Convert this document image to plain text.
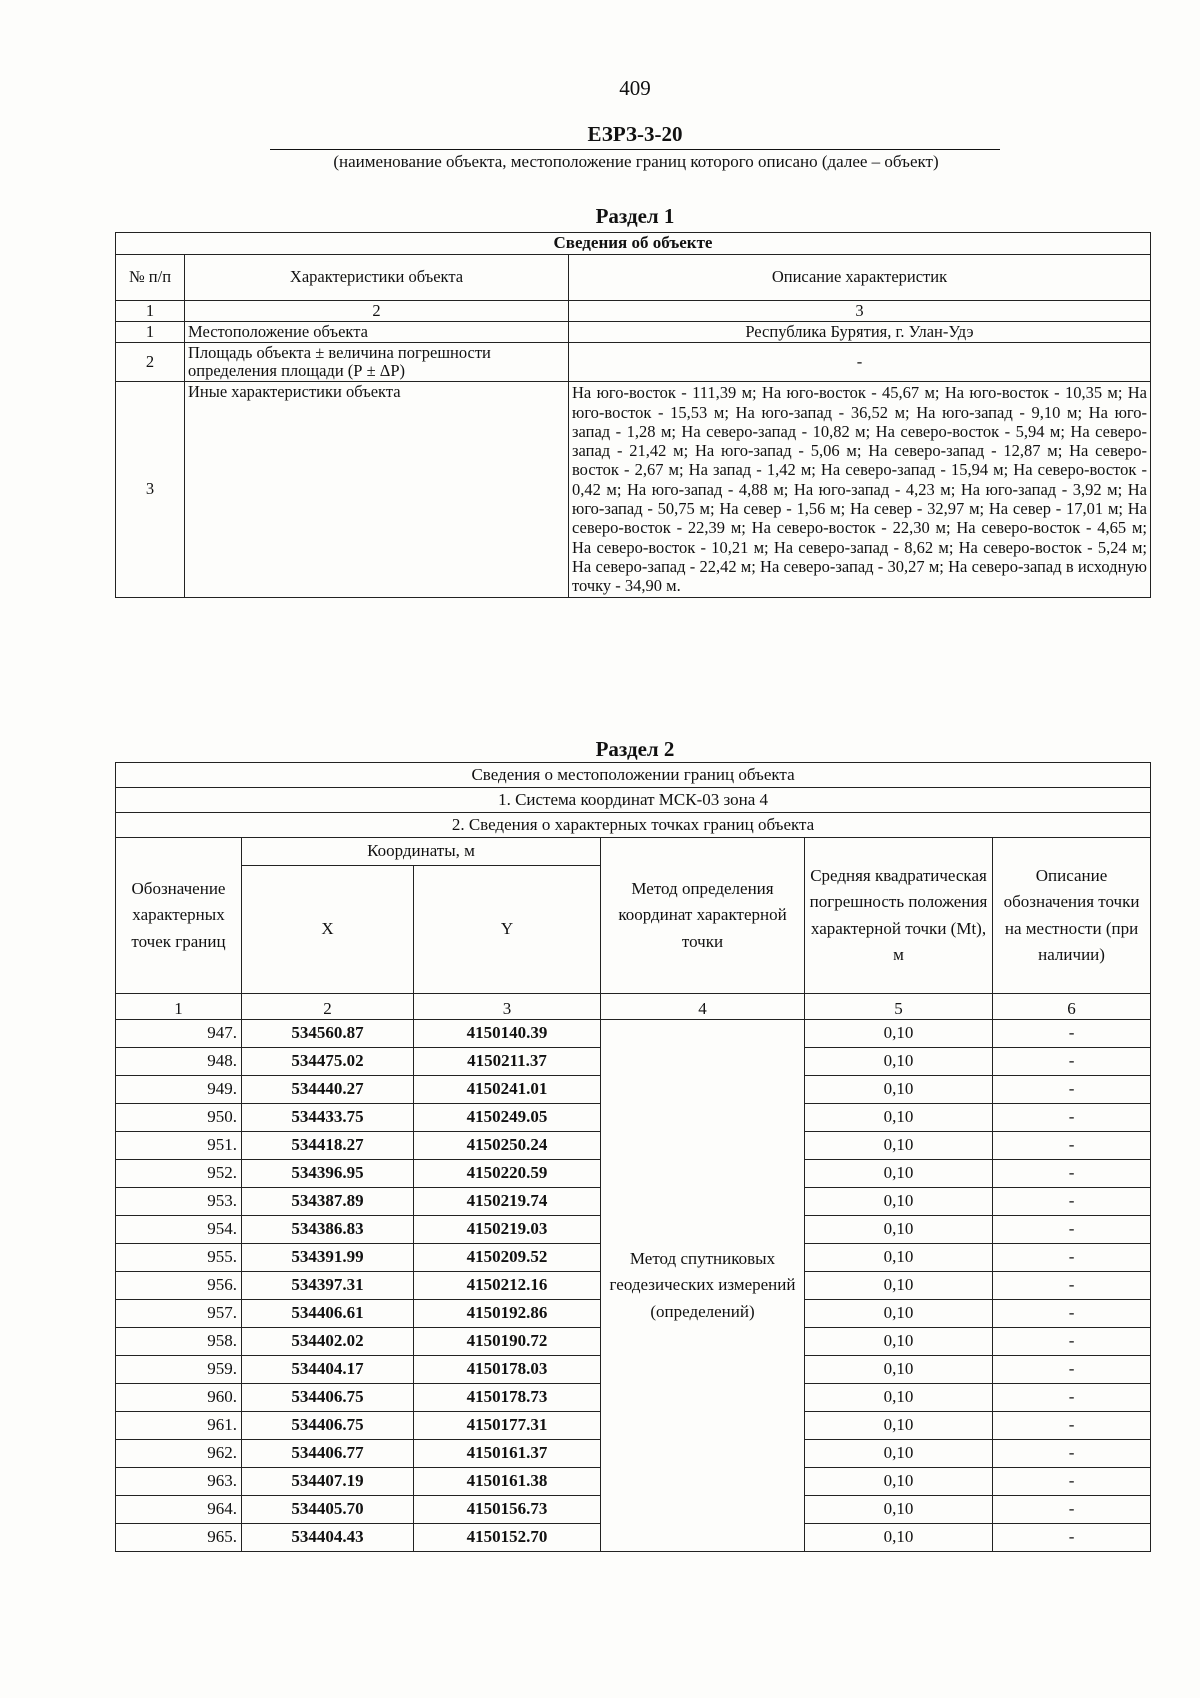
409
ЕЗРЗ-3-20
(наименование объекта, местоположение границ которого описано (далее – объект)
Раздел 1
Сведения об объекте		
№ п/п	Характеристики объекта	Описание характеристик
1	2	3
1	Местоположение объекта	Республика Бурятия, г. Улан-Удэ
2	Площадь объекта ± величина погрешности определения площади (Р ± ΔР)	-
3	Иные характеристики объекта	На юго-восток - 111,39 м; На юго-восток - 45,67 м; На юго-восток - 10,35 м; На юго-восток - 15,53 м; На юго-запад - 36,52 м; На юго-запад - 9,10 м; На юго-запад - 1,28 м; На северо-запад - 10,82 м; На северо-восток - 5,94 м; На северо-запад - 21,42 м; На юго-запад - 5,06 м; На северо-запад - 12,87 м; На северо-восток - 2,67 м; На запад - 1,42 м; На северо-запад - 15,94 м; На северо-восток - 0,42 м; На юго-запад - 4,88 м; На юго-запад - 4,23 м; На юго-запад - 3,92 м; На юго-запад - 50,75 м; На север - 1,56 м; На север - 32,97 м; На север - 17,01 м; На северо-восток - 22,39 м; На северо-восток - 22,30 м; На северо-восток - 4,65 м; На северо-восток - 10,21 м; На северо-запад - 8,62 м; На северо-восток - 5,24 м; На северо-запад - 22,42 м; На северо-запад - 30,27 м; На северо-запад в исходную точку - 34,90 м.
Раздел 2
Сведения о местоположении границ объекта					
1. Система координат МСК-03 зона 4					
2. Сведения о характерных точках границ объекта					
Обозначение характерных точек границ	Координаты, м		Метод определения координат характерной точки	Средняя квадратическая погрешность положения характерной точки (Мt), м	Описание обозначения точки на местности (при наличии)
	X	Y			
1	2	3	4	5	6
947.	534560.87	4150140.39	Метод спутниковых геодезических измерений (определений)	0,10	-
948.	534475.02	4150211.37		0,10	-
949.	534440.27	4150241.01		0,10	-
950.	534433.75	4150249.05		0,10	-
951.	534418.27	4150250.24		0,10	-
952.	534396.95	4150220.59		0,10	-
953.	534387.89	4150219.74		0,10	-
954.	534386.83	4150219.03		0,10	-
955.	534391.99	4150209.52		0,10	-
956.	534397.31	4150212.16		0,10	-
957.	534406.61	4150192.86		0,10	-
958.	534402.02	4150190.72		0,10	-
959.	534404.17	4150178.03		0,10	-
960.	534406.75	4150178.73		0,10	-
961.	534406.75	4150177.31		0,10	-
962.	534406.77	4150161.37		0,10	-
963.	534407.19	4150161.38		0,10	-
964.	534405.70	4150156.73		0,10	-
965.	534404.43	4150152.70		0,10	-
